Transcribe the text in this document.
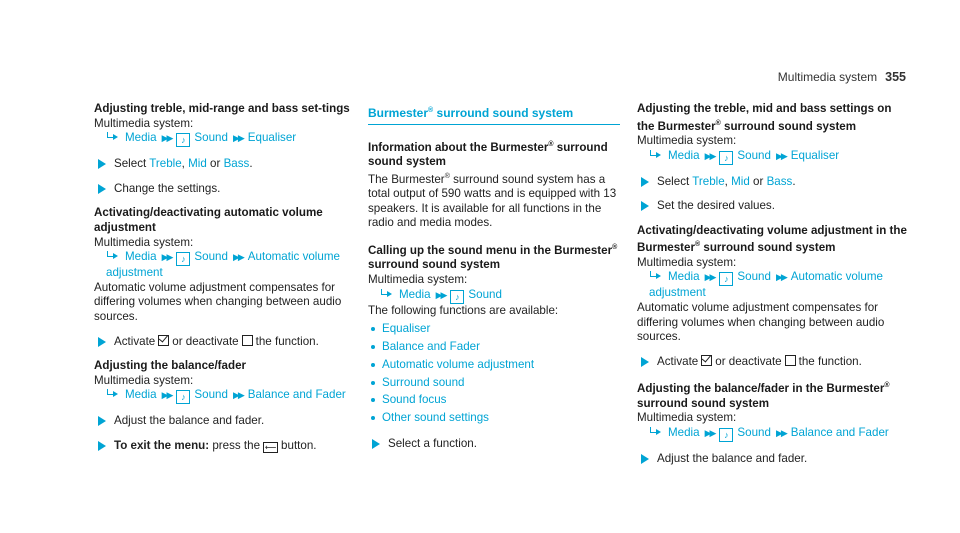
Multimedia system 355

Adjusting treble, mid-range and bass set-tings

Multimedia system:

Media ▶▶ ♪ Sound ▶▶ Equaliser

Select Treble, Mid or Bass.
Change the settings.

Activating/deactivating automatic volume adjustment

Multimedia system:

Media ▶▶ ♪ Sound ▶▶ Automatic volume adjustment

Automatic volume adjustment compensates for differing volumes when changing between audio sources.

Activate or deactivate the function.

Adjusting the balance/fader

Multimedia system:

Media ▶▶ ♪ Sound ▶▶ Balance and Fader

Adjust the balance and fader.
To exit the menu: press the ⟵ button.
Burmester® surround sound system

Information about the Burmester® surround sound system

The Burmester® surround sound system has a total output of 590 watts and is equipped with 13 speakers. It is available for all functions in the radio and media modes.

Calling up the sound menu in the Burmester® surround sound system

Multimedia system:

Media ▶▶ ♪ Sound

The following functions are available:

Equaliser
Balance and Fader
Automatic volume adjustment
Surround sound
Sound focus
Other sound settings
Select a function.

Adjusting the treble, mid and bass settings on the Burmester® surround sound system

Multimedia system:

Media ▶▶ ♪ Sound ▶▶ Equaliser

Select Treble, Mid or Bass.
Set the desired values.

Activating/deactivating volume adjustment in the Burmester® surround sound system

Multimedia system:

Media ▶▶ ♪ Sound ▶▶ Automatic volume adjustment

Automatic volume adjustment compensates for differing volumes when changing between audio sources.

Activate or deactivate the function.

Adjusting the balance/fader in the Burmester® surround sound system

Multimedia system:

Media ▶▶ ♪ Sound ▶▶ Balance and Fader

Adjust the balance and fader.
